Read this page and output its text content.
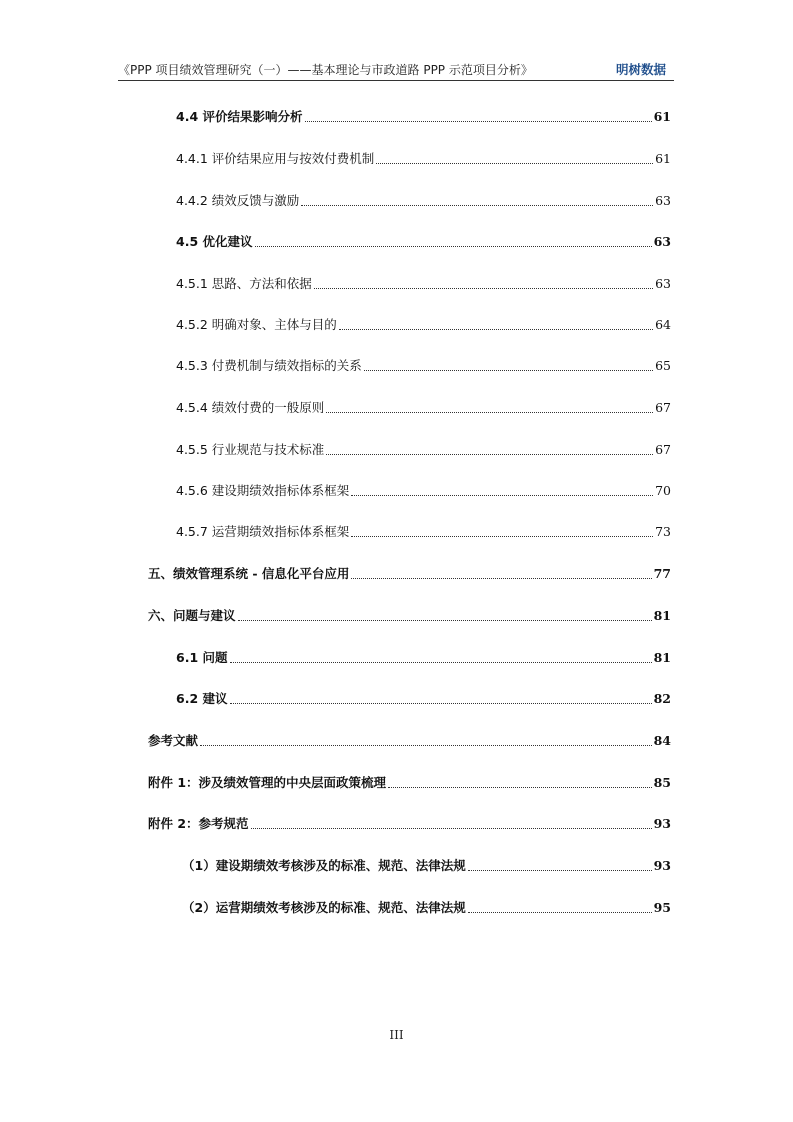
《PPP 项目绩效管理研究（一）——基本理论与市政道路 PPP 示范项目分析》	明树数据
4.4 评价结果影响分析	61
4.4.1 评价结果应用与按效付费机制	61
4.4.2 绩效反馈与激励	63
4.5 优化建议	63
4.5.1 思路、方法和依据	63
4.5.2 明确对象、主体与目的	64
4.5.3 付费机制与绩效指标的关系	65
4.5.4 绩效付费的一般原则	67
4.5.5 行业规范与技术标准	67
4.5.6 建设期绩效指标体系框架	70
4.5.7 运营期绩效指标体系框架	73
五、绩效管理系统 - 信息化平台应用	77
六、问题与建议	81
6.1 问题	81
6.2 建议	82
参考文献	84
附件 1：涉及绩效管理的中央层面政策梳理	85
附件 2：参考规范	93
（1）建设期绩效考核涉及的标准、规范、法律法规	93
（2）运营期绩效考核涉及的标准、规范、法律法规	95
III
